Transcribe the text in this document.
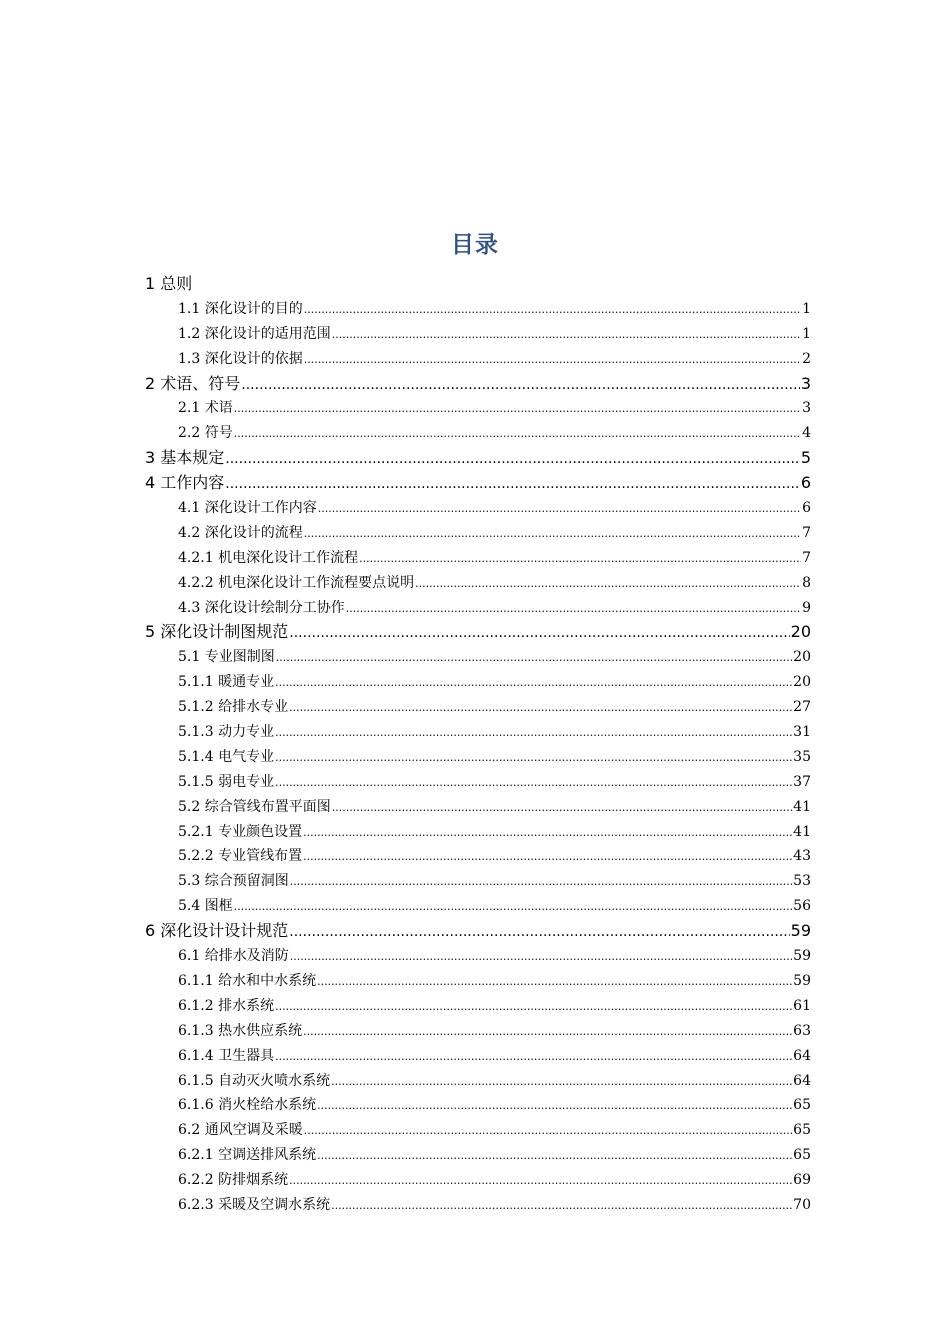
目录
1 总则
1.1 深化设计的目的 .....	1
1.2 深化设计的适用范围 .....	1
1.3 深化设计的依据 .....	2
2 术语、符号 .....	3
2.1 术语 .....	3
2.2 符号 .....	4
3 基本规定 .....	5
4 工作内容 .....	6
4.1 深化设计工作内容 .....	6
4.2 深化设计的流程 .....	7
4.2.1 机电深化设计工作流程 .....	7
4.2.2 机电深化设计工作流程要点说明 .....	8
4.3 深化设计绘制分工协作 .....	9
5 深化设计制图规范 .....	20
5.1 专业图制图 .....	20
5.1.1 暖通专业 .....	20
5.1.2 给排水专业 .....	27
5.1.3 动力专业 .....	31
5.1.4 电气专业 .....	35
5.1.5 弱电专业 .....	37
5.2 综合管线布置平面图 .....	41
5.2.1 专业颜色设置 .....	41
5.2.2 专业管线布置 .....	43
5.3 综合预留洞图 .....	53
5.4 图框 .....	56
6 深化设计设计规范 .....	59
6.1 给排水及消防 .....	59
6.1.1 给水和中水系统 .....	59
6.1.2 排水系统 .....	61
6.1.3 热水供应系统 .....	63
6.1.4 卫生器具 .....	64
6.1.5 自动灭火喷水系统 .....	64
6.1.6 消火栓给水系统 .....	65
6.2 通风空调及采暖 .....	65
6.2.1 空调送排风系统 .....	65
6.2.2 防排烟系统 .....	69
6.2.3 采暖及空调水系统 .....	70
